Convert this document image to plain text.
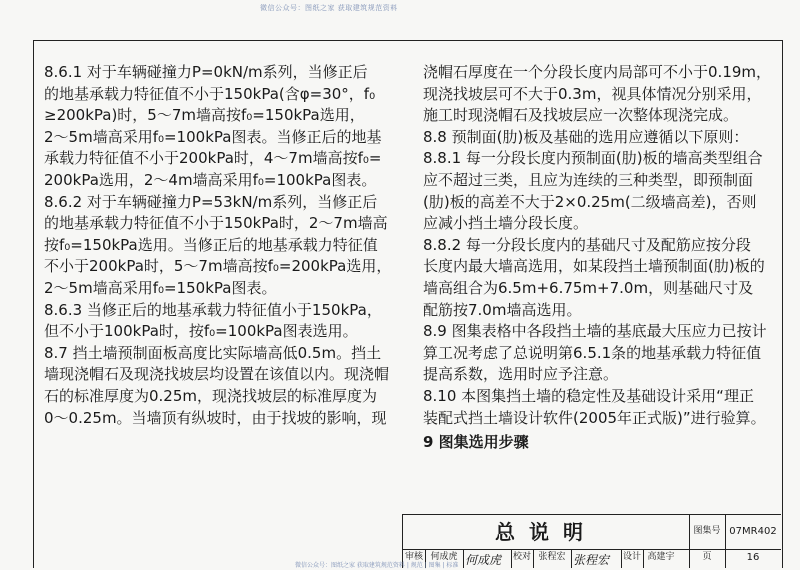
微信公众号：图纸之家 获取建筑规范资料

8.6.1 对于车辆碰撞力P=0kN/m系列，当修正后

的地基承载力特征值不小于150kPa(含φ=30°，f₀

≥200kPa)时，5～7m墙高按f₀=150kPa选用，

2～5m墙高采用f₀=100kPa图表。当修正后的地基

承载力特征值不小于200kPa时，4～7m墙高按f₀=

200kPa选用，2～4m墙高采用f₀=100kPa图表。

8.6.2 对于车辆碰撞力P=53kN/m系列，当修正后

的地基承载力特征值不小于150kPa时，2～7m墙高

按f₀=150kPa选用。当修正后的地基承载力特征值

不小于200kPa时，5～7m墙高按f₀=200kPa选用，

2～5m墙高采用f₀=150kPa图表。

8.6.3 当修正后的地基承载力特征值小于150kPa，

但不小于100kPa时，按f₀=100kPa图表选用。

8.7 挡土墙预制面板高度比实际墙高低0.5m。挡土

墙现浇帽石及现浇找坡层均设置在该值以内。现浇帽

石的标准厚度为0.25m，现浇找坡层的标准厚度为

0～0.25m。当墙顶有纵坡时，由于找坡的影响，现

浇帽石厚度在一个分段长度内局部可不小于0.19m，

现浇找坡层可不大于0.3m，视具体情况分别采用，

施工时现浇帽石及找坡层应一次整体现浇完成。

8.8 预制面(肋)板及基础的选用应遵循以下原则：

8.8.1 每一分段长度内预制面(肋)板的墙高类型组合

应不超过三类，且应为连续的三种类型，即预制面

(肋)板的高差不大于2×0.25m(二级墙高差)，否则

应减小挡土墙分段长度。

8.8.2 每一分段长度内的基础尺寸及配筋应按分段

长度内最大墙高选用，如某段挡土墙预制面(肋)板的

墙高组合为6.5m+6.75m+7.0m，则基础尺寸及

配筋按7.0m墙高选用。

8.9 图集表格中各段挡土墙的基底最大压应力已按计

算工况考虑了总说明第6.5.1条的地基承载力特征值

提高系数，选用时应予注意。

8.10 本图集挡土墙的稳定性及基础设计采用“理正

装配式挡土墙设计软件(2005年正式版)”进行验算。

9 图集选用步骤

总说明	图集号 07MR402
审核 何成虎 何成虎	校对 张程宏 张程宏	设计 高建宇	页	16
微信公众号：图纸之家 获取建筑规范资料 | 规范 | 图集 | 标准
